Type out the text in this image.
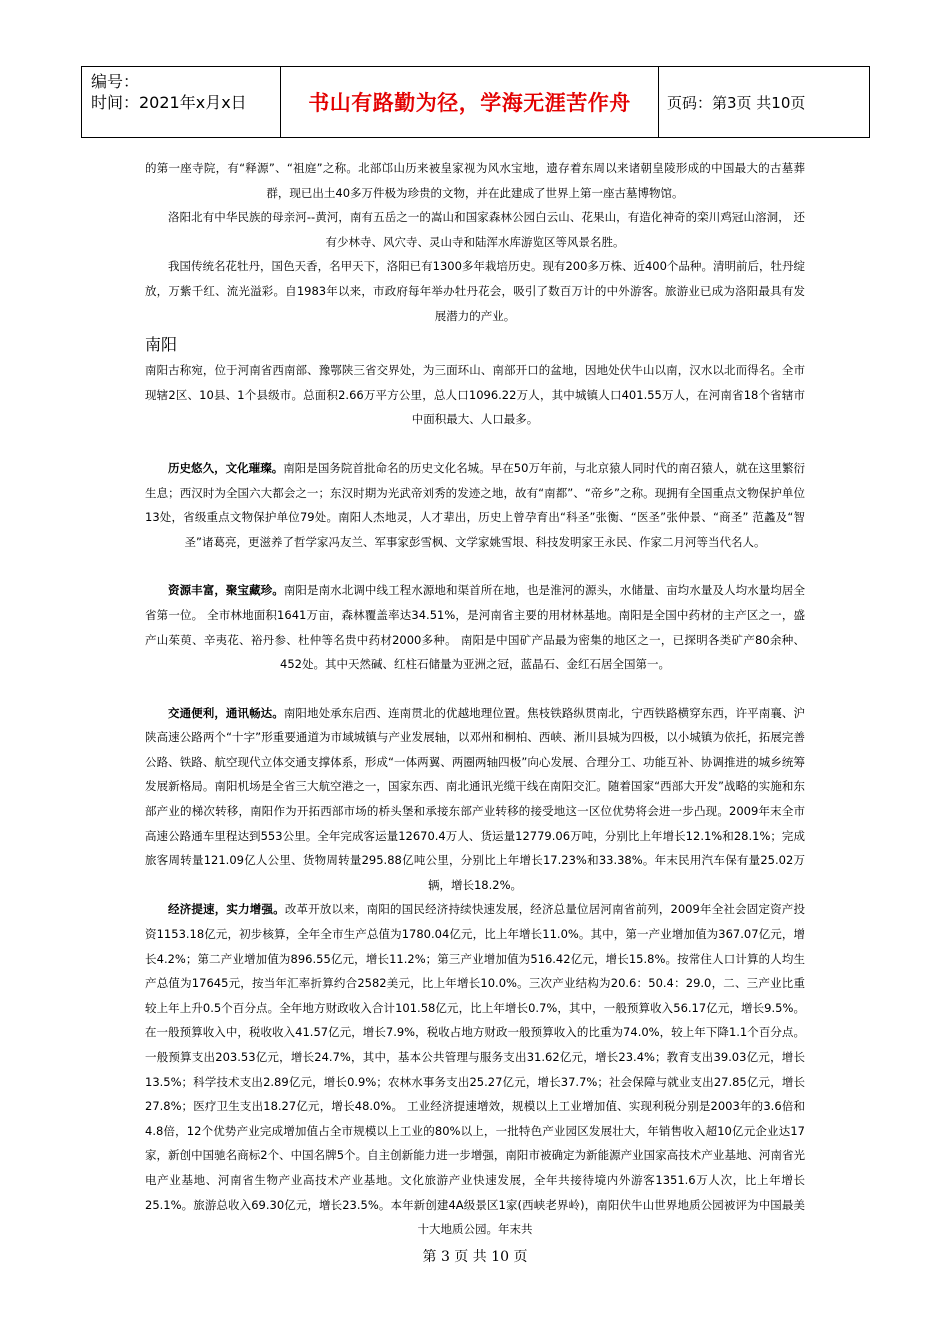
编号：
时间：2021年x月x日	书山有路勤为径，学海无涯苦作舟	页码：第3页 共10页

的第一座寺院，有“释源”、“祖庭”之称。北部邙山历来被皇家视为风水宝地，遗存着东周以来诸朝皇陵形成的中国最大的古墓葬群，现已出土40多万件极为珍贵的文物，并在此建成了世界上第一座古墓博物馆。

洛阳北有中华民族的母亲河--黄河，南有五岳之一的嵩山和国家森林公园白云山、花果山，有造化神奇的栾川鸡冠山溶洞， 还有少林寺、风穴寺、灵山寺和陆浑水库游览区等风景名胜。

我国传统名花牡丹，国色天香，名甲天下，洛阳已有1300多年栽培历史。现有200多万株、近400个品种。清明前后，牡丹绽放，万紫千红、流光溢彩。自1983年以来，市政府每年举办牡丹花会，吸引了数百万计的中外游客。旅游业已成为洛阳最具有发展潜力的产业。

南阳

南阳古称宛，位于河南省西南部、豫鄂陕三省交界处，为三面环山、南部开口的盆地，因地处伏牛山以南，汉水以北而得名。全市现辖2区、10县、1个县级市。总面积2.66万平方公里，总人口1096.22万人，其中城镇人口401.55万人，在河南省18个省辖市中面积最大、人口最多。

历史悠久，文化璀璨。南阳是国务院首批命名的历史文化名城。早在50万年前，与北京猿人同时代的南召猿人，就在这里繁衍生息；西汉时为全国六大都会之一；东汉时期为光武帝刘秀的发迹之地，故有“南都”、“帝乡”之称。现拥有全国重点文物保护单位13处，省级重点文物保护单位79处。南阳人杰地灵，人才辈出，历史上曾孕育出“科圣”张衡、“医圣”张仲景、“商圣” 范蠡及“智圣”诸葛亮，更滋养了哲学家冯友兰、军事家彭雪枫、文学家姚雪垠、科技发明家王永民、作家二月河等当代名人。

资源丰富，聚宝藏珍。南阳是南水北调中线工程水源地和渠首所在地，也是淮河的源头，水储量、亩均水量及人均水量均居全省第一位。 全市林地面积1641万亩，森林覆盖率达34.51%，是河南省主要的用材林基地。南阳是全国中药材的主产区之一，盛产山茱萸、辛夷花、裕丹参、杜仲等名贵中药材2000多种。 南阳是中国矿产品最为密集的地区之一，已探明各类矿产80余种、452处。其中天然碱、红柱石储量为亚洲之冠，蓝晶石、金红石居全国第一。

交通便利，通讯畅达。南阳地处承东启西、连南贯北的优越地理位置。焦枝铁路纵贯南北，宁西铁路横穿东西，许平南襄、沪陕高速公路两个“十字”形重要通道为市域城镇与产业发展轴，以邓州和桐柏、西峡、淅川县城为四极，以小城镇为依托，拓展完善公路、铁路、航空现代立体交通支撑体系，形成“一体两翼、两圈两轴四极”向心发展、合理分工、功能互补、协调推进的城乡统筹发展新格局。南阳机场是全省三大航空港之一，国家东西、南北通讯光缆干线在南阳交汇。随着国家“西部大开发”战略的实施和东部产业的梯次转移，南阳作为开拓西部市场的桥头堡和承接东部产业转移的接受地这一区位优势将会进一步凸现。2009年末全市高速公路通车里程达到553公里。全年完成客运量12670.4万人、货运量12779.06万吨，分别比上年增长12.1%和28.1%；完成旅客周转量121.09亿人公里、货物周转量295.88亿吨公里，分别比上年增长17.23%和33.38%。年末民用汽车保有量25.02万辆，增长18.2%。

经济提速，实力增强。改革开放以来，南阳的国民经济持续快速发展，经济总量位居河南省前列，2009年全社会固定资产投资1153.18亿元，初步核算，全年全市生产总值为1780.04亿元，比上年增长11.0%。其中，第一产业增加值为367.07亿元，增长4.2%；第二产业增加值为896.55亿元，增长11.2%；第三产业增加值为516.42亿元，增长15.8%。按常住人口计算的人均生产总值为17645元，按当年汇率折算约合2582美元，比上年增长10.0%。三次产业结构为20.6：50.4：29.0，二、三产业比重较上年上升0.5个百分点。全年地方财政收入合计101.58亿元，比上年增长0.7%，其中，一般预算收入56.17亿元，增长9.5%。在一般预算收入中，税收收入41.57亿元，增长7.9%，税收占地方财政一般预算收入的比重为74.0%，较上年下降1.1个百分点。一般预算支出203.53亿元，增长24.7%，其中，基本公共管理与服务支出31.62亿元，增长23.4%；教育支出39.03亿元，增长13.5%；科学技术支出2.89亿元，增长0.9%；农林水事务支出25.27亿元，增长37.7%；社会保障与就业支出27.85亿元，增长27.8%；医疗卫生支出18.27亿元，增长48.0%。 工业经济提速增效，规模以上工业增加值、实现利税分别是2003年的3.6倍和4.8倍，12个优势产业完成增加值占全市规模以上工业的80%以上，一批特色产业园区发展壮大，年销售收入超10亿元企业达17家，新创中国驰名商标2个、中国名牌5个。自主创新能力进一步增强，南阳市被确定为新能源产业国家高技术产业基地、河南省光电产业基地、河南省生物产业高技术产业基地。文化旅游产业快速发展，全年共接待境内外游客1351.6万人次，比上年增长25.1%。旅游总收入69.30亿元，增长23.5%。本年新创建4A级景区1家(西峡老界岭)，南阳伏牛山世界地质公园被评为中国最美十大地质公园。年末共

第 3 页 共 10 页
